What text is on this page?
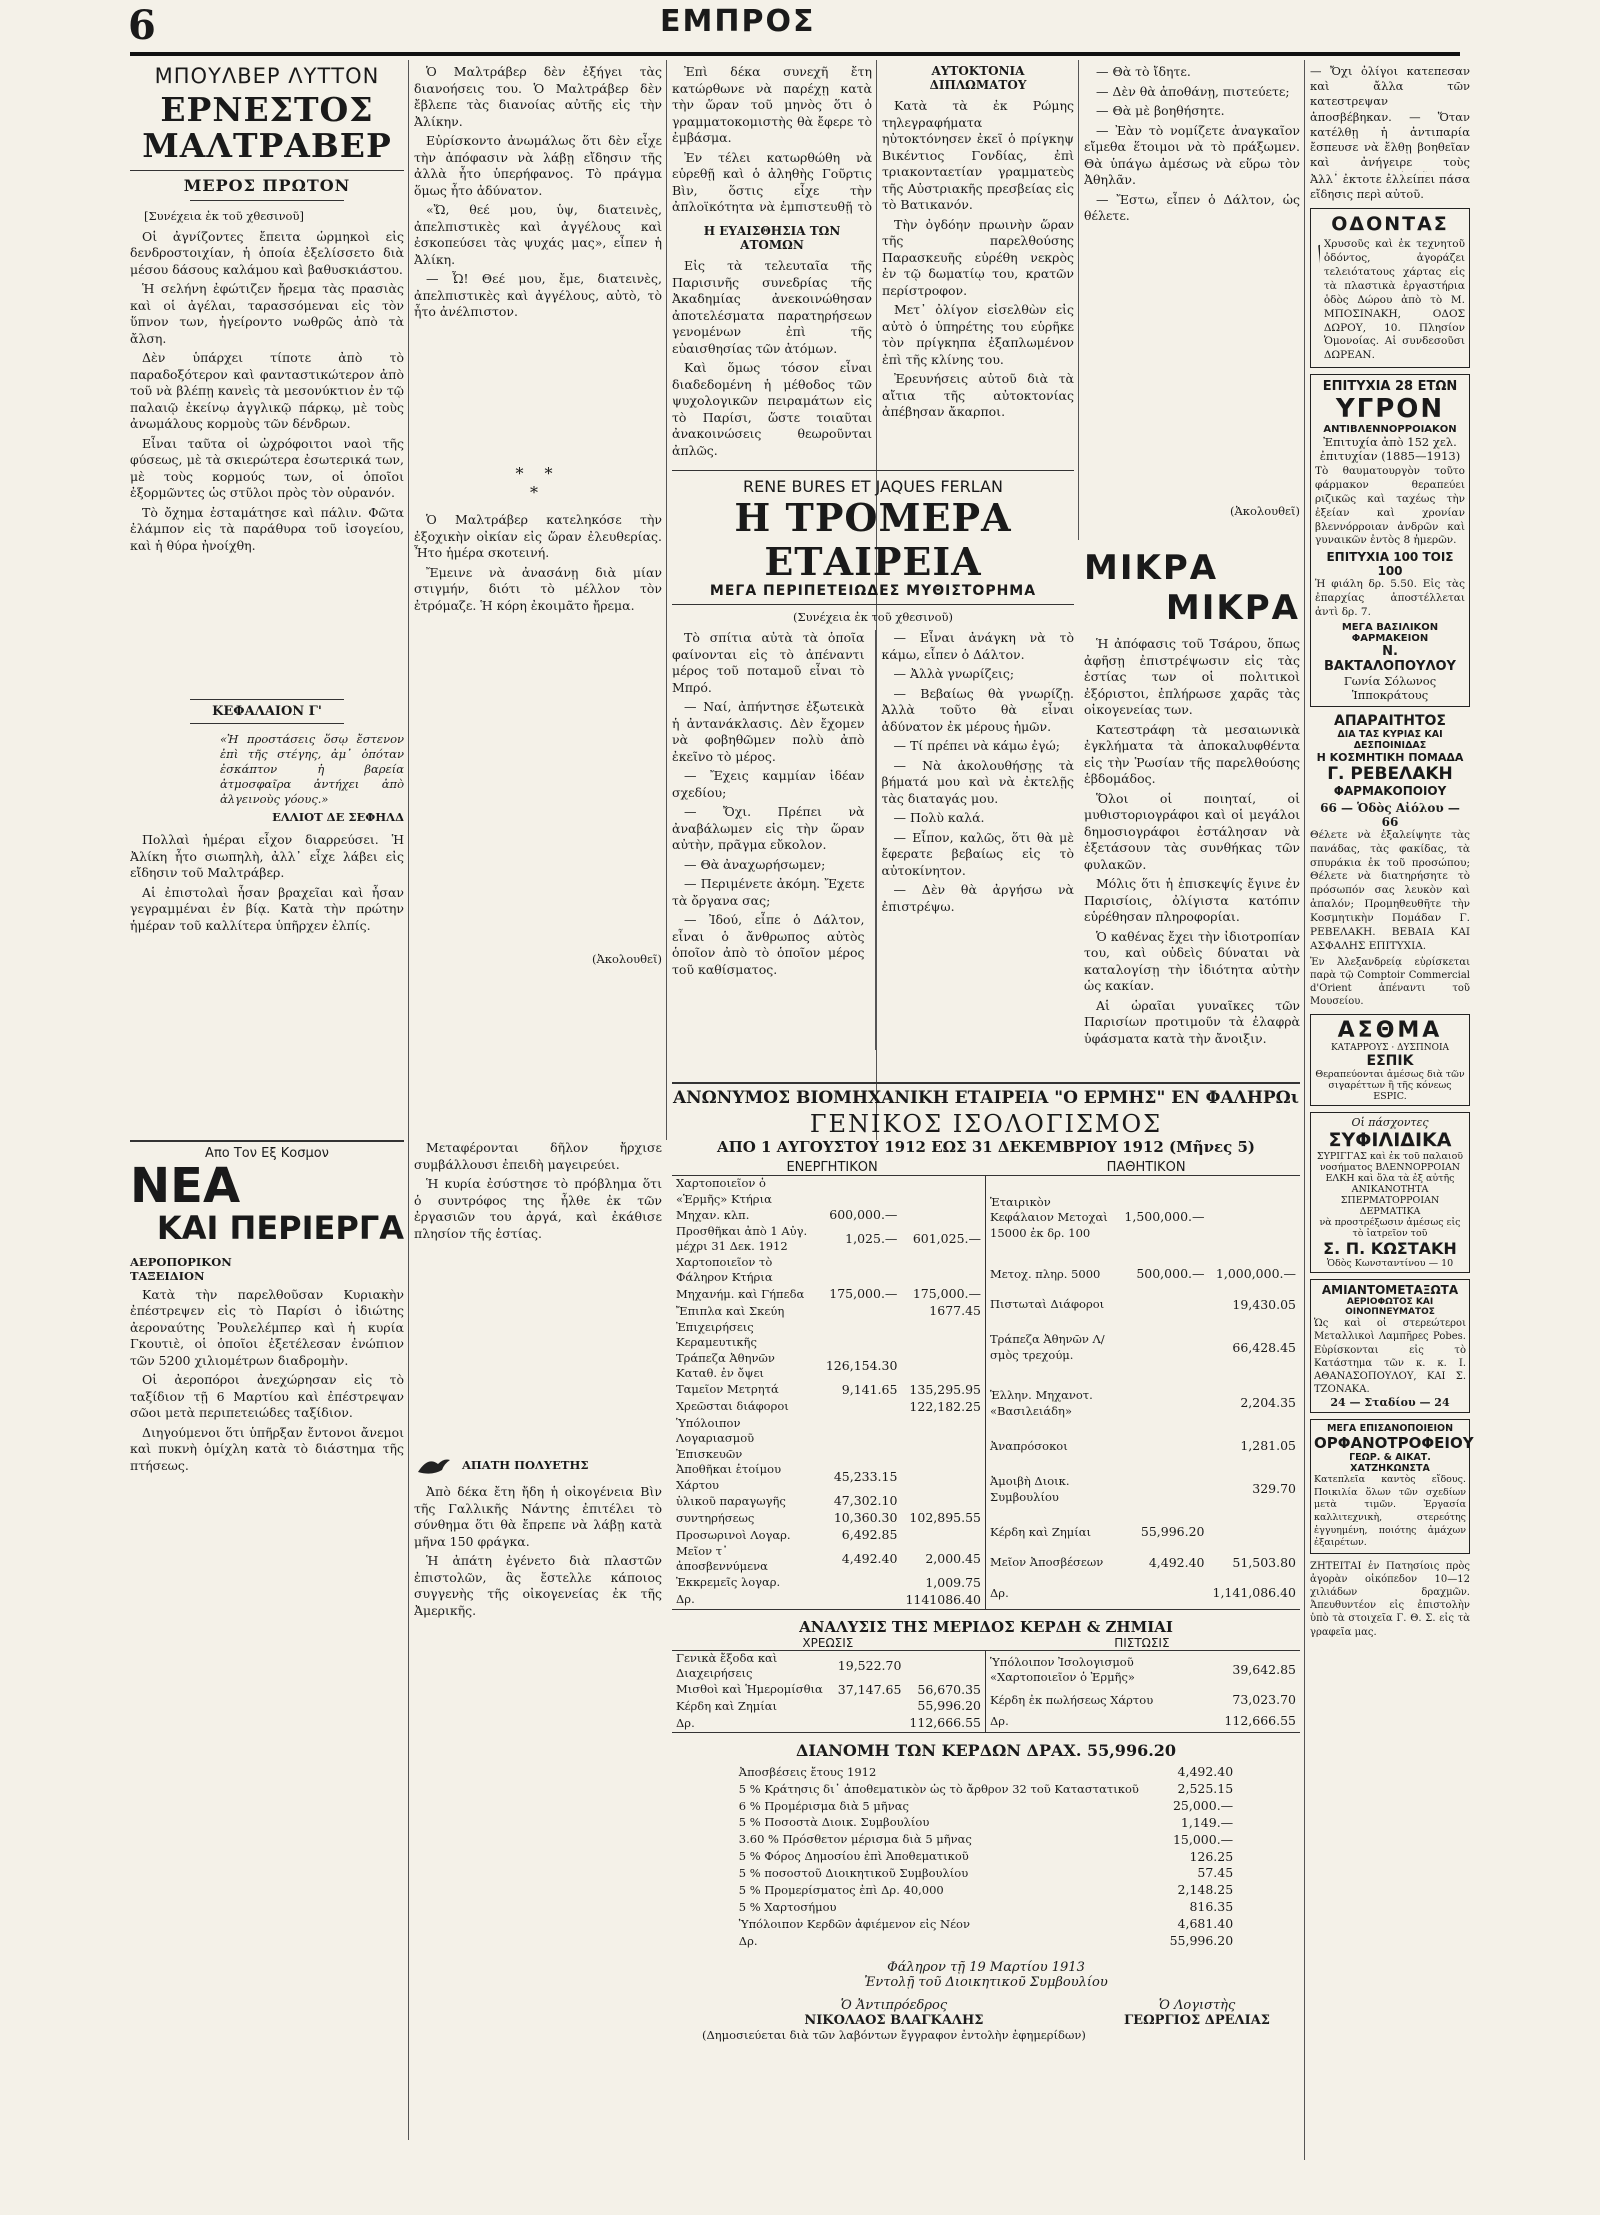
6	ΕΜΠΡΟΣ
ΜΠΟΥΛΒΕΡ ΛΥΤΤΟΝ
ΕΡΝΕΣΤΟΣ ΜΑΛΤΡΑΒΕΡ
ΜΕΡΟΣ ΠΡΩΤΟΝ
[Συνέχεια ἐκ τοῦ χθεσινοῦ]

Οἱ ἀγνίζοντες ἔπειτα ὡρμηκοὶ εἰς δενδροστοιχίαν, ἡ ὁποία ἐξελίσσετο διὰ μέσου δάσους καλάμου καὶ βαθυσκιάστου.

Ἡ σελήνη ἐφώτιζεν ἤρεμα τὰς πρασιὰς καὶ οἱ ἀγέλαι, ταρασσόμεναι εἰς τὸν ὕπνον των, ἠγείροντο νωθρῶς ἀπὸ τὰ ἄλση.

Δὲν ὑπάρχει τίποτε ἀπὸ τὸ παραδοξότερον καὶ φανταστικώτερον ἀπὸ τοῦ νὰ βλέπῃ κανεὶς τὰ μεσονύκτιον ἐν τῷ παλαιῷ ἐκείνῳ ἀγγλικῷ πάρκῳ, μὲ τοὺς ἀνωμάλους κορμοὺς τῶν δένδρων.

Εἶναι ταῦτα οἱ ὠχρόφοιτοι ναοὶ τῆς φύσεως, μὲ τὰ σκιερώτερα ἐσωτερικά των, μὲ τοὺς κορμούς των, οἱ ὁποῖοι ἐξορμῶντες ὡς στῦλοι πρὸς τὸν οὐρανόν.

Τὸ ὄχημα ἐσταμάτησε καὶ πάλιν. Φῶτα ἐλάμπον εἰς τὰ παράθυρα τοῦ ἰσογείου, καὶ ἡ θύρα ἠνοίχθη.

ΚΕΦΑΛΑΙΟΝ Γ'
«Ἡ προστάσεις ὅσῳ ἔστενον ἐπὶ τῆς στέγης, ἀμ᾽ ὁπόταν ἐσκάπτον ἡ βαρεία ἀτμοσφαῖρα ἀντήχει ἀπὸ ἀλγεινοὺς γόους.»
ΕΛΛΙΟΤ ΔΕ ΣΕΦΗΛΔ

Πολλαὶ ἡμέραι εἶχον διαρρεύσει. Ἡ Ἀλίκη ἦτο σιωπηλὴ, ἀλλ᾽ εἶχε λάβει εἰς εἴδησιν τοῦ Μαλτράβερ.

Αἱ ἐπιστολαὶ ἦσαν βραχεῖαι καὶ ἦσαν γεγραμμέναι ἐν βίᾳ. Κατὰ τὴν πρώτην ἡμέραν τοῦ καλλίτερα ὑπῆρχεν ἐλπίς.

Ὁ Μαλτράβερ δὲν ἐξήγει τὰς διανοήσεις του. Ὁ Μαλτράβερ δὲν ἔβλεπε τὰς διανοίας αὐτῆς εἰς τὴν Ἀλίκην.

Εὐρίσκοντο ἀνωμάλως ὅτι δὲν εἶχε τὴν ἀπόφασιν νὰ λάβῃ εἴδησιν τῆς ἀλλὰ ἦτο ὑπερήφανος. Τὸ πράγμα ὅμως ἦτο ἀδύνατον.

«Ὤ, θεέ μου, ὑψ, διατεινὲς, ἀπελπιστικὲς καὶ ἀγγέλους καὶ ἐσκοπεύσει τὰς ψυχάς μας», εἶπεν ἡ Ἀλίκη.

— Ὦ! Θεέ μου, ἔμε, διατεινὲς, ἀπελπιστικὲς καὶ ἀγγέλους, αὐτὸ, τὸ ἦτο ἀνέλπιστον.

* *
*

Ὁ Μαλτράβερ κατεληκόσε τὴν ἐξοχικὴν οἰκίαν εἰς ὥραν ἐλευθερίας. Ἦτο ἡμέρα σκοτεινή.

Ἔμεινε νὰ ἀνασάνῃ διὰ μίαν στιγμήν, διότι τὸ μέλλον τὸν ἐτρόμαζε. Ἡ κόρη ἐκοιμᾶτο ἤρεμα.

(Ἀκολουθεῖ)

Ἐπὶ δέκα συνεχῆ ἔτη κατώρθωνε νὰ παρέχῃ κατὰ τὴν ὥραν τοῦ μηνὸς ὅτι ὁ γραμματοκομιστὴς θὰ ἔφερε τὸ ἐμβάσμα.

Ἐν τέλει κατωρθώθη νὰ εὑρεθῇ καὶ ὁ ἀληθὴς Γοῦρτις Βὶν, ὅστις εἶχε τὴν ἀπλοϊκότητα νὰ ἐμπιστευθῇ τὸ

Η ΕΥΑΙΣΘΗΣΙΑ ΤΩΝ ΑΤΟΜΩΝ

Εἰς τὰ τελευταῖα τῆς Παρισινῆς συνεδρίας τῆς Ἀκαδημίας ἀνεκοινώθησαν ἀποτελέσματα παρατηρήσεων γενομένων ἐπὶ τῆς εὐαισθησίας τῶν ἀτόμων.

Καὶ ὅμως τόσον εἶναι διαδεδομένη ἡ μέθοδος τῶν ψυχολογικῶν πειραμάτων εἰς τὸ Παρίσι, ὥστε τοιαῦται ἀνακοινώσεις θεωροῦνται ἀπλῶς.

ΑΥΤΟΚΤΟΝΙΑ ΔΙΠΛΩΜΑΤΟΥ

Κατὰ τὰ ἐκ Ρώμης τηλεγραφήματα ηὐτοκτόνησεν ἐκεῖ ὁ πρίγκηψ Βικέντιος Γονδίας, ἐπὶ τριακονταετίαν γραμματεὺς τῆς Αὐστριακῆς πρεσβείας εἰς τὸ Βατικανόν.

Τὴν ὀγδόην πρωινὴν ὥραν τῆς παρελθούσης Παρασκευῆς εὑρέθη νεκρὸς ἐν τῷ δωματίῳ του, κρατῶν περίστροφον.

Μετ᾽ ὀλίγον εἰσελθὼν εἰς αὐτὸ ὁ ὑπηρέτης του εὑρῆκε τὸν πρίγκηπα ἐξαπλωμένον ἐπὶ τῆς κλίνης του.

Ἐρευνήσεις αὐτοῦ διὰ τὰ αἴτια τῆς αὐτοκτονίας ἀπέβησαν ἄκαρποι.

— Θὰ τὸ ἴδητε.

— Δὲν θὰ ἀποθάνῃ, πιστεύετε;

— Θὰ μὲ βοηθήσητε.

— Ἐὰν τὸ νομίζετε ἀναγκαῖον εἴμεθα ἕτοιμοι νὰ τὸ πράξωμεν. Θὰ ὑπάγω ἀμέσως νὰ εὕρω τὸν Ἀθηλᾶν.

— Ἔστω, εἶπεν ὁ Δάλτον, ὡς θέλετε.

(Ἀκολουθεῖ)
ΜΙΚΡΑ
ΜΙΚΡΑ

Ἡ ἀπόφασις τοῦ Τσάρου, ὅπως ἀφῆσῃ ἐπιστρέψωσιν εἰς τὰς ἑστίας των οἱ πολιτικοὶ ἐξόριστοι, ἐπλήρωσε χαρᾶς τὰς οἰκογενείας των.

Κατεστράφη τὰ μεσαιωνικὰ ἐγκλήματα τὰ ἀποκαλυφθέντα εἰς τὴν Ῥωσίαν τῆς παρελθούσης ἑβδομάδος.

Ὅλοι οἱ ποιηταί, οἱ μυθιστοριογράφοι καὶ οἱ μεγάλοι δημοσιογράφοι ἐστάλησαν νὰ ἐξετάσουν τὰς συνθήκας τῶν φυλακῶν.

Μόλις ὅτι ἡ ἐπισκεψίς ἔγινε ἐν Παρισίοις, ὀλίγιστα κατόπιν εὑρέθησαν πληροφορίαι.

Ὁ καθένας ἔχει τὴν ἰδιοτροπίαν του, καὶ οὐδεὶς δύναται νὰ καταλογίσῃ τὴν ἰδιότητα αὐτὴν ὡς κακίαν.

Αἱ ὡραῖαι γυναῖκες τῶν Παρισίων προτιμοῦν τὰ ἐλαφρὰ ὑφάσματα κατὰ τὴν ἄνοιξιν.

RENE BURES ET JAQUES FERLAN
Η ΤΡΟΜΕΡΑ ΕΤΑΙΡΕΙΑ
ΜΕΓΑ ΠΕΡΙΠΕΤΕΙΩΔΕΣ ΜΥΘΙΣΤΟΡΗΜΑ
(Συνέχεια ἐκ τοῦ χθεσινοῦ)

Τὸ σπίτια αὐτὰ τὰ ὁποῖα φαίνονται εἰς τὸ ἀπέναντι μέρος τοῦ ποταμοῦ εἶναι τὸ Μπρό.

— Ναί, ἀπήντησε ἐξωτεικὰ ἡ ἀντανάκλασις. Δὲν ἔχομεν νὰ φοβηθῶμεν πολὺ ἀπὸ ἐκεῖνο τὸ μέρος.

— Ἔχεις καμμίαν ἰδέαν σχεδίου;

— Ὄχι. Πρέπει νὰ ἀναβάλωμεν εἰς τὴν ὥραν αὐτὴν, πρᾶγμα εὔκολον.

— Θὰ ἀναχωρήσωμεν;

— Περιμένετε ἀκόμη. Ἔχετε τὰ ὄργανα σας;

— Ἰδού, εἶπε ὁ Δάλτον, εἶναι ὁ ἄνθρωπος αὐτὸς ὁποῖον ἀπὸ τὸ ὁποῖον μέρος τοῦ καθίσματος.

— Εἶναι ἀνάγκη νὰ τὸ κάμω, εἶπεν ὁ Δάλτον.

— Ἀλλὰ γνωρίζεις;

— Βεβαίως θὰ γνωρίζῃ. Ἀλλὰ τοῦτο θὰ εἶναι ἀδύνατον ἐκ μέρους ἡμῶν.

— Τί πρέπει νὰ κάμω ἐγώ;

— Νὰ ἀκολουθήσῃς τὰ βήματά μου καὶ νὰ ἐκτελῇς τὰς διαταγάς μου.

— Πολὺ καλά.

— Εἶπον, καλῶς, ὅτι θὰ μὲ ἔφερατε βεβαίως εἰς τὸ αὐτοκίνητον.

— Δὲν θὰ ἀργήσω νὰ ἐπιστρέψω.

Απο Τον Εξ Κοσμον
ΝΕΑ
ΚΑΙ ΠΕΡΙΕΡΓΑ
ΑΕΡΟΠΟΡΙΚΟΝ ΤΑΞΕΙΔΙΟΝ

Κατὰ τὴν παρελθοῦσαν Κυριακὴν ἐπέστρεψεν εἰς τὸ Παρίσι ὁ ἰδιώτης ἀεροναύτης Ῥουλελέμπερ καὶ ἡ κυρία Γκουτιὲ, οἱ ὁποῖοι ἐξετέλεσαν ἐνώπιον τῶν 5200 χιλιομέτρων διαδρομὴν.

Οἱ ἀεροπόροι ἀνεχώρησαν εἰς τὸ ταξίδιον τῇ 6 Μαρτίου καὶ ἐπέστρεψαν σῶοι μετὰ περιπετειώδες ταξίδιον.

Διηγούμενοι ὅτι ὑπῆρξαν ἔντονοι ἄνεμοι καὶ πυκνὴ ὁμίχλη κατὰ τὸ διάστημα τῆς πτήσεως.

Μεταφέρονται δῆλον ἤρχισε συμβάλλουσι ἐπειδὴ μαγειρεύει.

Ἡ κυρία ἐσύστησε τὸ πρόβλημα ὅτι ὁ συντρόφος της ἦλθε ἐκ τῶν ἐργασιῶν του ἀργά, καὶ ἐκάθισε πλησίον τῆς ἑστίας.

ΑΠΑΤΗ ΠΟΛΥΕΤΗΣ

Ἀπὸ δέκα ἔτη ἤδη ἡ οἰκογένεια Βὶν τῆς Γαλλικῆς Νάντης ἐπιτέλει τὸ σύνθημα ὅτι θὰ ἔπρεπε νὰ λάβῃ κατὰ μῆνα 150 φράγκα.

Ἡ ἀπάτη ἐγένετο διὰ πλαστῶν ἐπιστολῶν, ἃς ἔστελλε κάποιος συγγενὴς τῆς οἰκογενείας ἐκ τῆς Ἀμερικῆς.

ΑΝΩΝΥΜΟΣ ΒΙΟΜΗΧΑΝΙΚΗ ΕΤΑΙΡΕΙΑ "Ο ΕΡΜΗΣ" ΕΝ ΦΑΛΗΡΩι
ΓΕΝΙΚΟΣ ΙΣΟΛΟΓΙΣΜΟΣ
ΑΠΟ 1 ΑΥΓΟΥΣΤΟΥ 1912 ΕΩΣ 31 ΔΕΚΕΜΒΡΙΟΥ 1912 (Μῆνες 5)
ΕΝΕΡΓΗΤΙΚΟΝ	ΠΑΘΗΤΙΚΟΝ
Χαρτοποιεῖον ὁ «Ἑρμῆς» Κτήρια		
Μηχαν. κλπ.	600,000.—	
Προσθῆκαι ἀπὸ 1 Αὐγ. μέχρι 31 Δεκ. 1912	1,025.—	601,025.—
Χαρτοποιεῖον τὸ Φάληρον Κτήρια		
Μηχανήμ. καὶ Γήπεδα	175,000.—	175,000.—
Ἔπιπλα καὶ Σκεύη		1677.45
Ἐπιχειρήσεις Κεραμευτικῆς		
Τράπεζα Ἀθηνῶν Καταθ. ἐν ὄψει	126,154.30	
Ταμεῖον Μετρητά	9,141.65	135,295.95
Χρεῶσται διάφοροι		122,182.25
Ὑπόλοιπον Λογαριασμοῦ Ἐπισκευῶν		
Ἀποθῆκαι ἑτοίμου Χάρτου	45,233.15	
ὑλικοῦ παραγωγῆς	47,302.10	
συντηρήσεως	10,360.30	102,895.55
Προσωρινοὶ Λογαρ.	6,492.85	
Μεῖον τ᾽ ἀποσβεννύμενα	4,492.40	2,000.45
Ἐκκρεμεῖς λογαρ.		1,009.75
Δρ.		1141086.40
Ἑταιρικὸν Κεφάλαιον Μετοχαὶ 15000 ἐκ δρ. 100	1,500,000.—	
Μετοχ. πληρ. 5000	500,000.—	1,000,000.—
Πιστωταὶ Διάφοροι		19,430.05
Τράπεζα Ἀθηνῶν Λ/σμὸς τρεχούμ.		66,428.45
Ἑλλην. Μηχανοτ. «Βασιλειάδη»		2,204.35
Ἀναπρόσοκοι		1,281.05
Ἀμοιβὴ Διοικ. Συμβουλίου		329.70
Κέρδη καὶ Ζημίαι	55,996.20	
Μεῖον Ἀποσβέσεων	4,492.40	51,503.80
Δρ.		1,141,086.40
ΑΝΑΛΥΣΙΣ ΤΗΣ ΜΕΡΙΔΟΣ ΚΕΡΔΗ & ΖΗΜΙΑΙ
ΧΡΕΩΣΙΣ	ΠΙΣΤΩΣΙΣ
Γενικὰ ἔξοδα καὶ Διαχειρήσεις	19,522.70	
Μισθοὶ καὶ Ἡμερομίσθια	37,147.65	56,670.35
Κέρδη καὶ Ζημίαι		55,996.20
Δρ.		112,666.55
Ὑπόλοιπον Ἰσολογισμοῦ «Χαρτοποιεῖον ὁ Ἑρμῆς»		39,642.85
Κέρδη ἐκ πωλήσεως Χάρτου		73,023.70
Δρ.		112,666.55
ΔΙΑΝΟΜΗ ΤΩΝ ΚΕΡΔΩΝ ΔΡΑΧ. 55,996.20
Ἀποσβέσεις ἔτους 1912		4,492.40
5 % Κράτησις δι᾽ ἀποθεματικὸν ὡς τὸ ἄρθρον 32 τοῦ Καταστατικοῦ		2,525.15
6 % Προμέρισμα διὰ 5 μῆνας		25,000.—
5 % Ποσοστὰ Διοικ. Συμβουλίου		1,149.—
3.60 % Πρόσθετον μέρισμα διὰ 5 μῆνας		15,000.—
5 % Φόρος Δημοσίου ἐπὶ Ἀποθεματικοῦ		126.25
5 % ποσοστοῦ Διοικητικοῦ Συμβουλίου		57.45
5 % Προμερίσματος ἐπὶ Δρ. 40,000		2,148.25
5 % Χαρτοσήμου		816.35
Ὑπόλοιπον Κερδῶν ἀφιέμενον εἰς Νέον		4,681.40
Δρ.		55,996.20
Φάληρον τῇ 19 Μαρτίου 1913
Ἐντολῇ τοῦ Διοικητικοῦ Συμβουλίου
Ὁ Ἀντιπρόεδρος
ΝΙΚΟΛΑΟΣ ΒΛΑΓΚΑΛΗΣ
(Δημοσιεύεται διὰ τῶν λαβόντων ἔγγραφον ἐντολὴν ἐφημερίδων)
Ὁ Λογιστὴς
ΓΕΩΡΓΙΟΣ ΔΡΕΛΙΑΣ
— Ὄχι ὀλίγοι κατεπεσαν καὶ ἄλλα τῶν κατεστρεψαν ἀποσβέβηκαν. — Ὅταν κατέλθῃ ἡ ἀντιπαρία ἔσπευσε νὰ ἔλθῃ βοηθεῖαν καὶ ἀνήγειρε τοὺς
Ἀλλ᾽ ἐκτοτε ἐλλείπει πάσα εἴδησις περὶ αὐτοῦ.
ΟΔΟΝΤΑΣ
Χρυσοῦς καὶ ἐκ τεχνητοῦ ὀδόντος, ἀγοράζει τελειότατους χάρτας εἰς τὰ πλαστικὰ ἐργαστήρια ὁδὸς Δώρου ἀπὸ τὸ Μ. ΜΠΟΣΙΝΑΚΗ, ΟΔΟΣ ΔΩΡΟΥ, 10. Πλησίον Ὁμονοίας. Αἱ συνδεσοῦσι ΔΩΡΕΑΝ.
ΕΠΙΤΥΧΙΑ 28 ΕΤΩΝ
ΥΓΡΟΝ
ΑΝΤΙΒΛΕΝΝΟΡΡΟΙΑΚΟΝ
Ἐπιτυχία ἀπὸ 152 χελ. ἐπιτυχίαν (1885—1913)
Τὸ θαυματουργὸν τοῦτο φάρμακον θεραπεύει ριζικῶς καὶ ταχέως τὴν ἐξείαν καὶ χρονίαν βλεννόρροιαν ἀνδρῶν καὶ γυναικῶν ἐντὸς 8 ἡμερῶν.
ΕΠΙΤΥΧΙΑ 100 ΤΟΙΣ 100
Ἡ φιάλη δρ. 5.50. Εἰς τὰς ἐπαρχίας ἀποστέλλεται ἀντὶ δρ. 7.
ΜΕΓΑ ΒΑΣΙΛΙΚΟΝ ΦΑΡΜΑΚΕΙΟΝ
Ν. ΒΑΚΤΑΛΟΠΟΥΛΟΥ
Γωνία Σόλωνος Ἱπποκράτους
ΑΠΑΡΑΙΤΗΤΟΣ
ΔΙΑ ΤΑΣ ΚΥΡΙΑΣ ΚΑΙ ΔΕΣΠΟΙΝΙΔΑΣ
Η ΚΟΣΜΗΤΙΚΗ ΠΟΜΑΔΑ
Γ. ΡΕΒΕΛΑΚΗ
ΦΑΡΜΑΚΟΠΟΙΟΥ
66 — Ὁδὸς Αἰόλου — 66
Θέλετε νὰ ἐξαλείψητε τὰς πανάδας, τὰς φακίδας, τὰ σπυράκια ἐκ τοῦ προσώπου; Θέλετε νὰ διατηρήσητε τὸ πρόσωπόν σας λευκὸν καὶ ἁπαλόν; Προμηθευθῆτε τὴν Κοσμητικὴν Πομάδαν Γ. ΡΕΒΕΛΑΚΗ. ΒΕΒΑΙΑ ΚΑΙ ΑΣΦΑΛΗΣ ΕΠΙΤΥΧΙΑ.
Ἐν Ἀλεξανδρείᾳ εὑρίσκεται παρὰ τῷ Comptoir Commercial d'Orient ἀπέναντι τοῦ Μουσείου.
ΑΣΘΜΑ
ΚΑΤΑΡΡΟΥΣ · ΔΥΣΠΝΟΙΑ
ΕΣΠΙΚ
Θεραπεύονται ἀμέσως διὰ τῶν σιγαρέττων ἢ τῆς κόνεως ESPIC.
Οἱ πάσχοντες
ΣΥΦΙΛΙΔΙΚΑ
ΣΥΡΙΓΓΑΣ καὶ ἐκ τοῦ παλαιοῦ νοσήματος ΒΛΕΝΝΟΡΡΟΙΑΝ ΕΛΚΗ καὶ ὅλα τὰ ἐξ αὐτῆς ΑΝΙΚΑΝΟΤΗΤΑ ΣΠΕΡΜΑΤΟΡΡΟΙΑΝ ΔΕΡΜΑΤΙΚΑ
νὰ προστρέξωσιν ἀμέσως εἰς τὸ ἰατρεῖον τοῦ
Σ. Π. ΚΩΣΤΑΚΗ
Ὁδὸς Κωνσταντίνου — 10
ΑΜΙΑΝΤΟΜΕΤΑΞΩΤΑ
ΑΕΡΙΟΦΩΤΟΣ ΚΑΙ ΟΙΝΟΠΝΕΥΜΑΤΟΣ
Ὡς καὶ οἱ στερεώτεροι Μεταλλικοὶ Λαμπῆρες Pobes. Εὑρίσκονται εἰς τὸ Κατάστημα τῶν κ. κ. Ι. ΑΘΑΝΑΣΟΠΟΥΛΟΥ, ΚΑΙ Σ. ΤΖΟΝΑΚΑ.
24 — Σταδίου — 24
ΜΕΓΑ ΕΠΙΣΑΝΟΠΟΙΕΙΟΝ
ΟΡΦΑΝΟΤΡΟΦΕΙΟΥ
ΓΕΩΡ. & ΑΙΚΑΤ. ΧΑΤΖΗΚΩΝΣΤΑ
Κατεπλεῖα καντὸς εἴδους. Ποικιλία ὅλων τῶν σχεδίων μετὰ τιμῶν. Ἐργασία καλλιτεχνικὴ, στερεότης ἐγγυημένη, ποιότης ἀμάχων ἐξαιρέτων.
ΖΗΤΕΙΤΑΙ ἐν Πατησίοις πρὸς ἀγορὰν οἰκόπεδον 10—12 χιλιάδων δραχμῶν. Ἀπευθυντέον εἰς ἐπιστολὴν ὑπὸ τὰ στοιχεῖα Γ. Θ. Σ. εἰς τὰ γραφεῖα μας.
